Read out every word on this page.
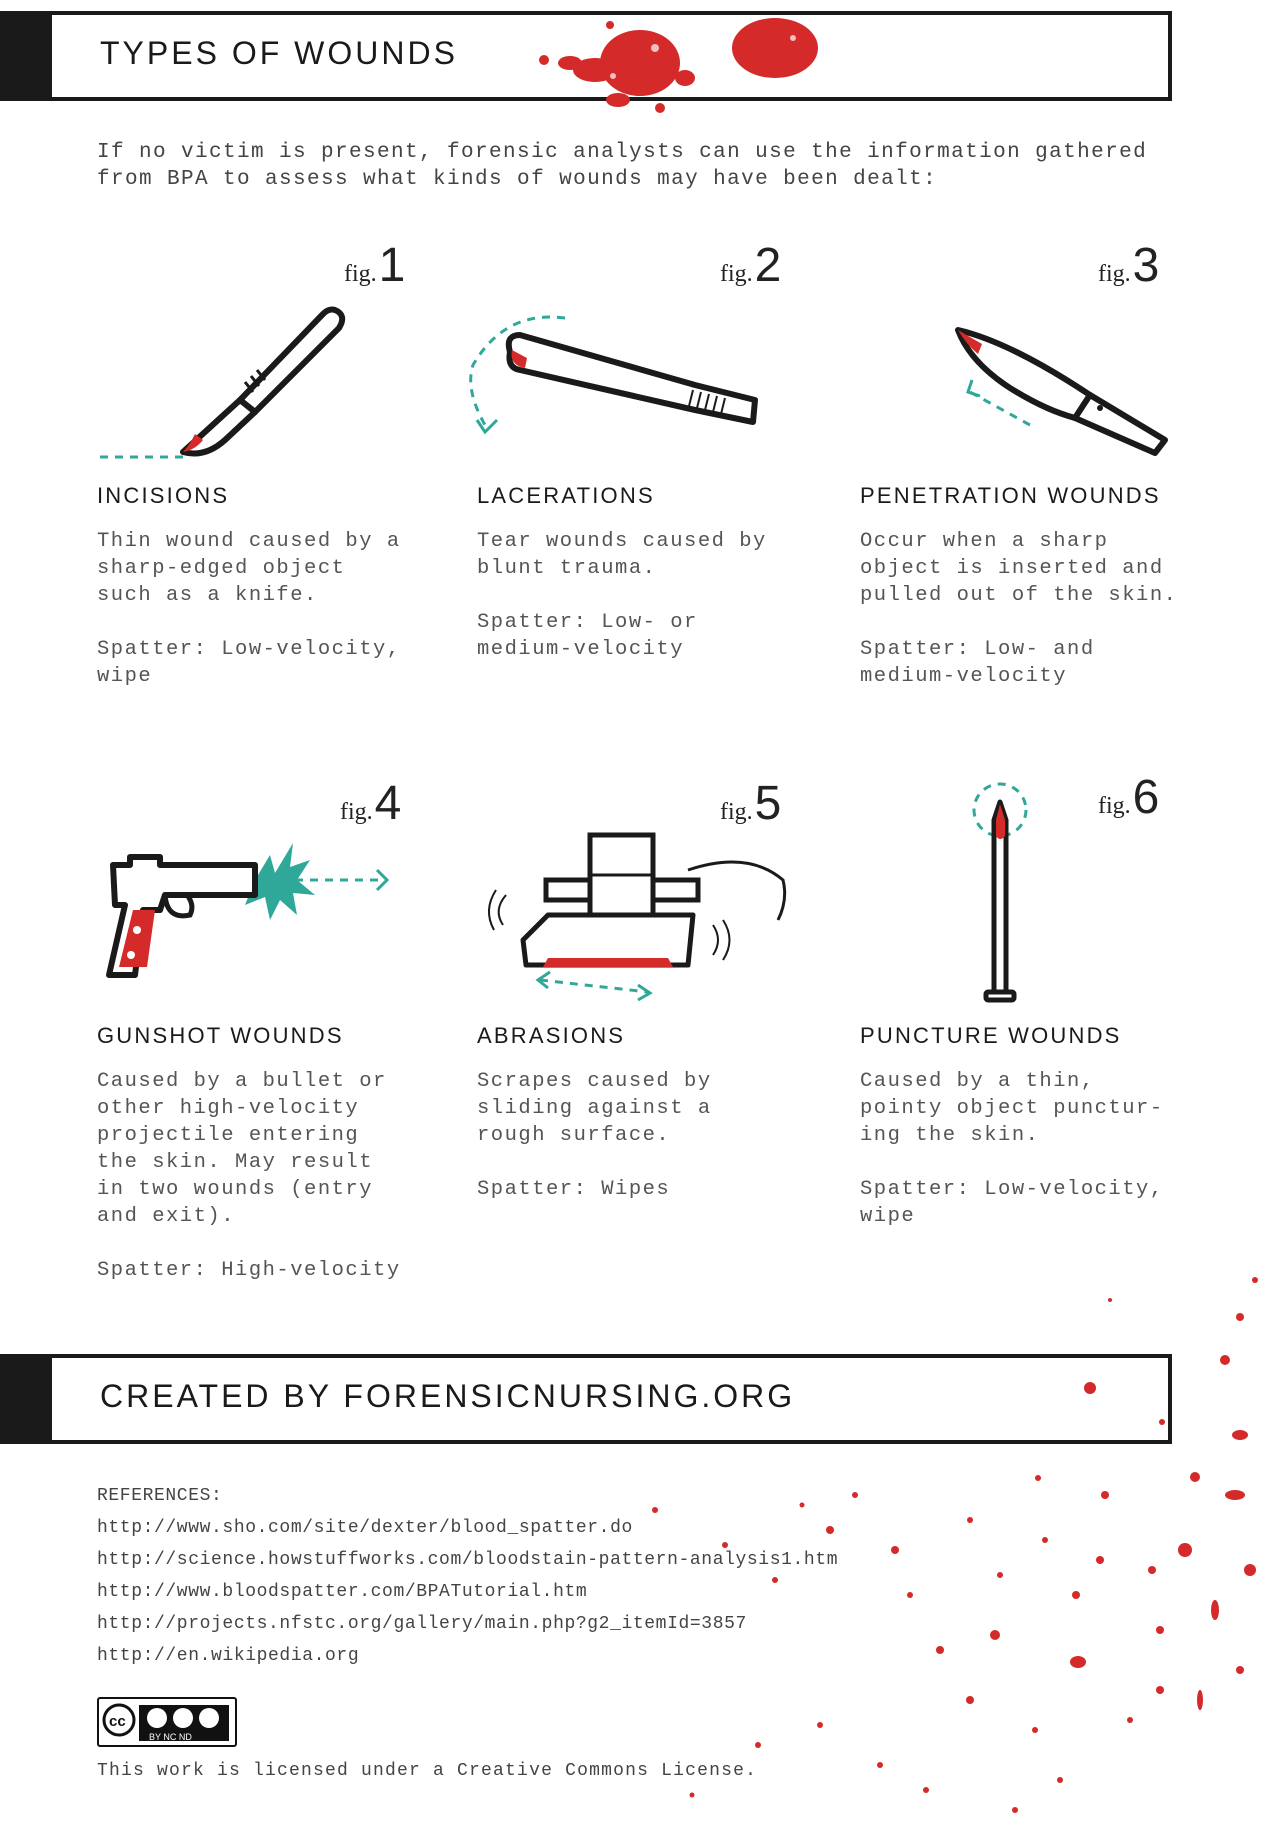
TYPES OF WOUNDS
If no victim is present, forensic analysts can use the information gathered
from BPA to assess what kinds of wounds may have been dealt:
fig.1
INCISIONS
Thin wound caused by a
sharp-edged object
such as a knife.

Spatter: Low-velocity,
wipe
fig.2
LACERATIONS
Tear wounds caused by
blunt trauma.

Spatter: Low- or
medium-velocity
fig.3
PENETRATION WOUNDS
Occur when a sharp
object is inserted and
pulled out of the skin.

Spatter: Low- and
medium-velocity
fig.4
GUNSHOT WOUNDS
Caused by a bullet or
other high-velocity
projectile entering
the skin. May result
in two wounds (entry
and exit).

Spatter: High-velocity
fig.5
ABRASIONS
Scrapes caused by
sliding against a
rough surface.

Spatter: Wipes
fig.6
PUNCTURE WOUNDS
Caused by a thin,
pointy object punctur-
ing the skin.

Spatter: Low-velocity,
wipe
CREATED BY FORENSICNURSING.ORG
REFERENCES:
http://www.sho.com/site/dexter/blood_spatter.do
http://science.howstuffworks.com/bloodstain-pattern-analysis1.htm
http://www.bloodspatter.com/BPATutorial.htm
http://projects.nfstc.org/gallery/main.php?g2_itemId=3857
http://en.wikipedia.org
cc
BY NC ND
This work is licensed under a Creative Commons License.
